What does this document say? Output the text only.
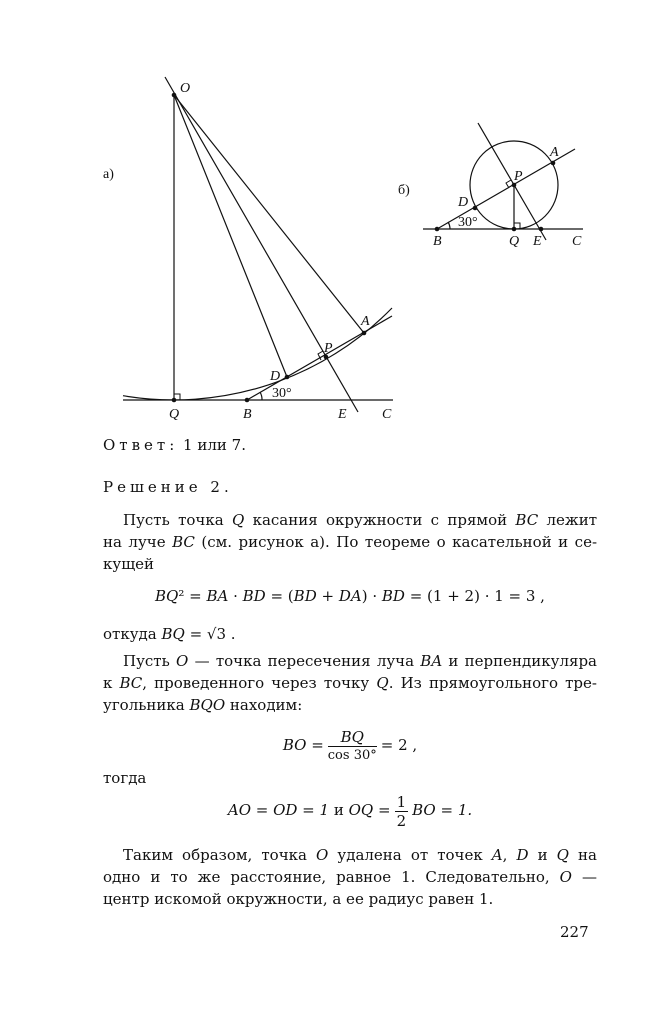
а)
O
A
P
D
30°
Q	B	E	C
б)
A
P
D
30°
B	Q E C
Ответ: 1 или 7.
Решение 2.
Пусть точка Q касания окружности с прямой BC лежит
на луче BC (см. рисунок а). По теореме о касательной и се-
кущей
BQ² = BA · BD = (BD + DA) · BD = (1 + 2) · 1 = 3 ,
откуда BQ = √3 .
Пусть O — точка пересечения луча BA и перпендикуляра
к BC, проведенного через точку Q. Из прямоугольного тре-
угольника BQO находим:
BO = $\frac{BQ}{\cos 30^\circ} = 2$ ,
тогда
AO = OD = 1 и OQ = $\frac{1}{2}$ BO = 1.
Таким образом, точка O удалена от точек A, D и Q на
одно и то же расстояние, равное 1. Следовательно, O —
центр искомой окружности, а ее радиус равен 1.
227
